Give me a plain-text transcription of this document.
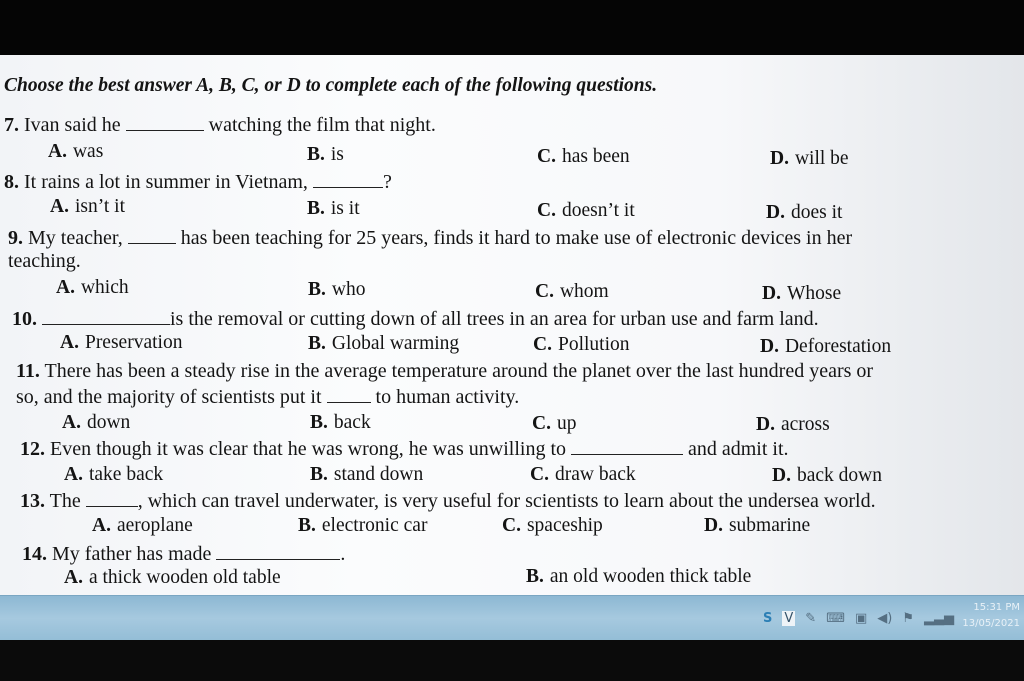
Choose the best answer A, B, C, or D to complete each of the following questions.
7. Ivan said he	watching the film that night.
A. was	B. is	C. has been	D. will be
8. It rains a lot in summer in Vietnam,	?
A. isn’t it	B. is it	C. doesn’t it	D. does it
9. My teacher,	has been teaching for 25 years, finds it hard to make use of electronic devices in her
teaching.
A. which	B. who	C. whom	D. Whose
10.	is the removal or cutting down of all trees in an area for urban use and farm land.
A. Preservation	B. Global warming	C. Pollution	D. Deforestation
11. There has been a steady rise in the average temperature around the planet over the last hundred years or
so, and the majority of scientists put it	to human activity.
A. down	B. back	C. up	D. across
12. Even though it was clear that he was wrong, he was unwilling to	and admit it.
A. take back	B. stand down	C. draw back	D. back down
13. The	, which can travel underwater, is very useful for scientists to learn about the undersea world.
A. aeroplane	B. electronic car	C. spaceship	D. submarine
14. My father has made	.
A. a thick wooden old table	B. an old wooden thick table
S V ✎ ⌨ ▣ ◀) ⚑ ▂▃▅
15:31 PM
13/05/2021
